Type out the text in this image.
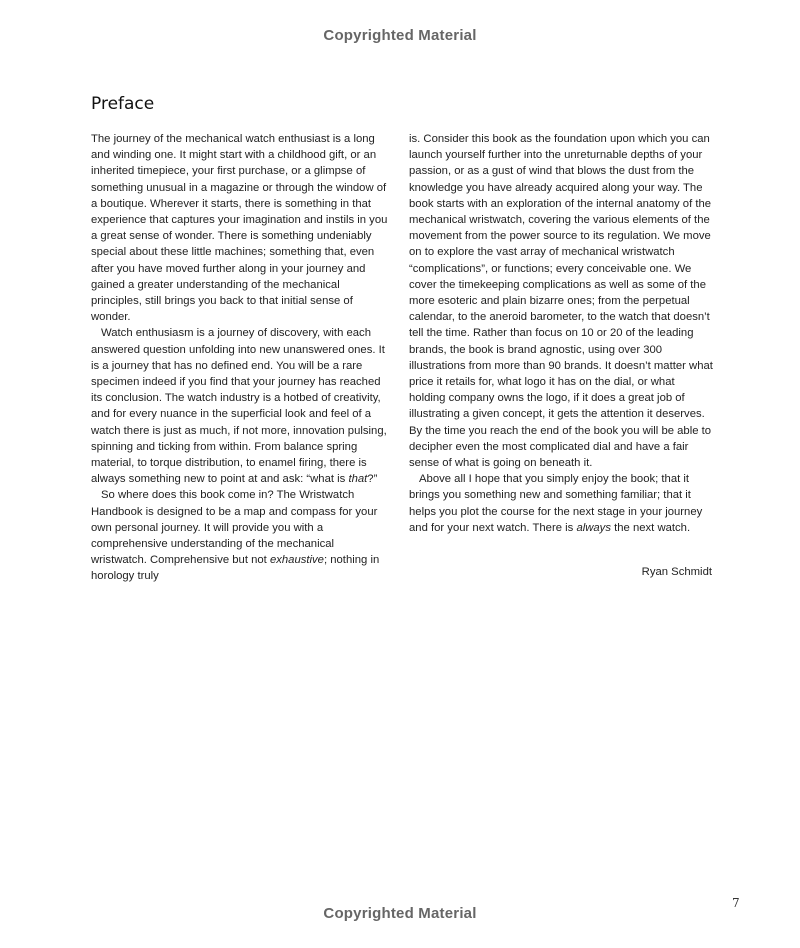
Copyrighted Material
Preface

The journey of the mechanical watch enthusiast is a long and winding one. It might start with a childhood gift, or an inherited timepiece, your first purchase, or a glimpse of something unusual in a magazine or through the window of a boutique. Wherever it starts, there is something in that experience that captures your imagination and instils in you a great sense of wonder. There is something undeniably special about these little machines; something that, even after you have moved further along in your journey and gained a greater understanding of the mechanical principles, still brings you back to that initial sense of wonder.

Watch enthusiasm is a journey of discovery, with each answered question unfolding into new unanswered ones. It is a journey that has no defined end. You will be a rare specimen indeed if you find that your journey has reached its conclusion. The watch industry is a hotbed of creativity, and for every nuance in the superficial look and feel of a watch there is just as much, if not more, innovation pulsing, spinning and ticking from within. From balance spring material, to torque distribution, to enamel firing, there is always something new to point at and ask: “what is that?”

So where does this book come in? The Wristwatch Handbook is designed to be a map and compass for your own personal journey. It will provide you with a comprehensive understanding of the mechanical wristwatch. Comprehensive but not exhaustive; nothing in horology truly

is. Consider this book as the foundation upon which you can launch yourself further into the unreturnable depths of your passion, or as a gust of wind that blows the dust from the knowledge you have already acquired along your way. The book starts with an exploration of the internal anatomy of the mechanical wristwatch, covering the various elements of the movement from the power source to its regulation. We move on to explore the vast array of mechanical wristwatch “complications”, or functions; every conceivable one. We cover the timekeeping complications as well as some of the more esoteric and plain bizarre ones; from the perpetual calendar, to the aneroid barometer, to the watch that doesn’t tell the time. Rather than focus on 10 or 20 of the leading brands, the book is brand agnostic, using over 300 illustrations from more than 90 brands. It doesn’t matter what price it retails for, what logo it has on the dial, or what holding company owns the logo, if it does a great job of illustrating a given concept, it gets the attention it deserves. By the time you reach the end of the book you will be able to decipher even the most complicated dial and have a fair sense of what is going on beneath it.

Above all I hope that you simply enjoy the book; that it brings you something new and something familiar; that it helps you plot the course for the next stage in your journey and for your next watch. There is always the next watch.

Ryan Schmidt
7
Copyrighted Material
